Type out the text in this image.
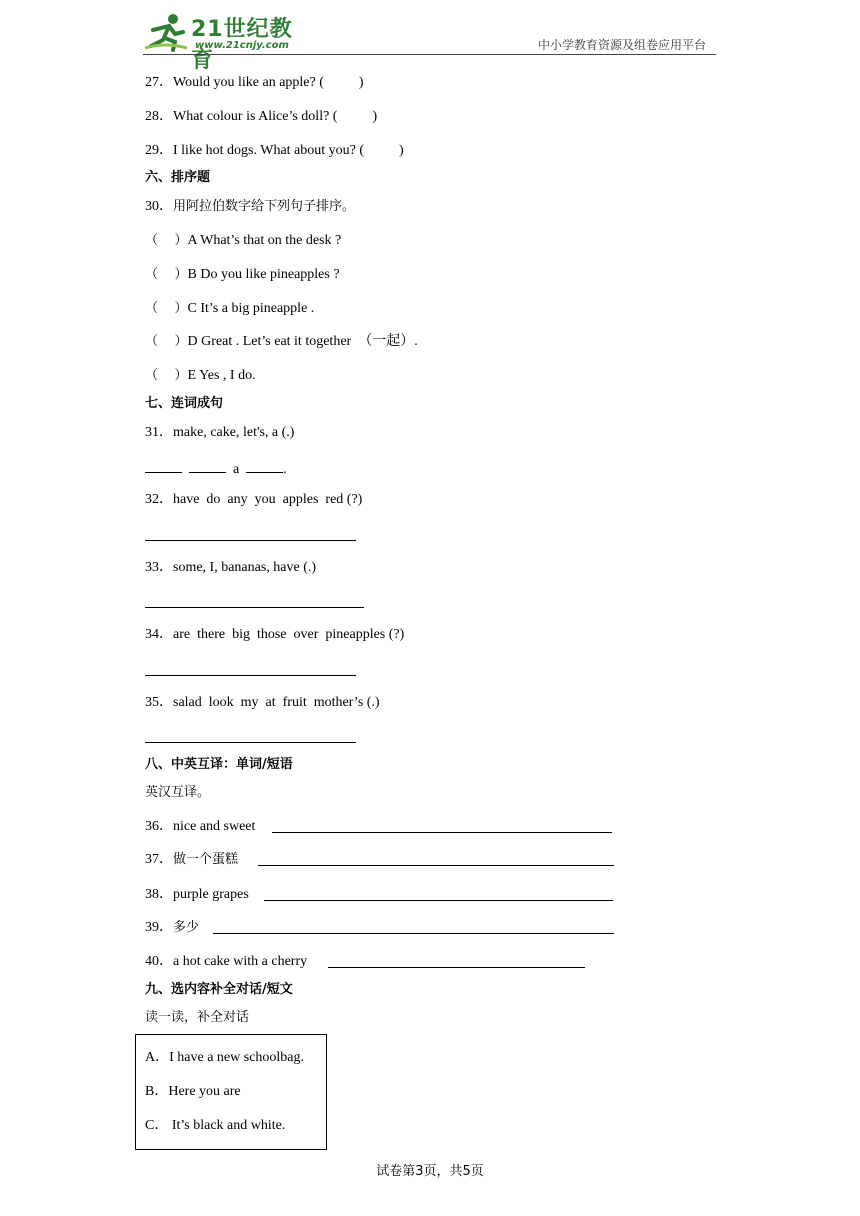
21世纪教育
www.21cnjy.com	中小学教育资源及组卷应用平台
27．Would you like an apple? (          )
28．What colour is Alice’s doll? (          )
29．I like hot dogs. What about you? (          )
六、排序题
30．用阿拉伯数字给下列句子排序。
（    ）A What’s that on the desk ?
（    ）B Do you like pineapples ?
（    ）C It’s a big pineapple .
（    ）D Great . Let’s eat it together  （一起）.
（    ）E Yes , I do.
七、连词成句
31．make, cake, let's, a (.)
a	.
32．have  do  any  you  apples  red (?)
33．some, I, bananas, have (.)
34．are  there  big  those  over  pineapples (?)
35．salad  look  my  at  fruit  mother’s (.)
八、中英互译：单词/短语
英汉互译。
36．nice and sweet
37．做一个蛋糕
38．purple grapes
39．多少
40．a hot cake with a cherry
九、选内容补全对话/短文
读一读，补全对话
A．I have a new schoolbag.
B．Here you are
C． It’s black and white.
试卷第3页，共5页
